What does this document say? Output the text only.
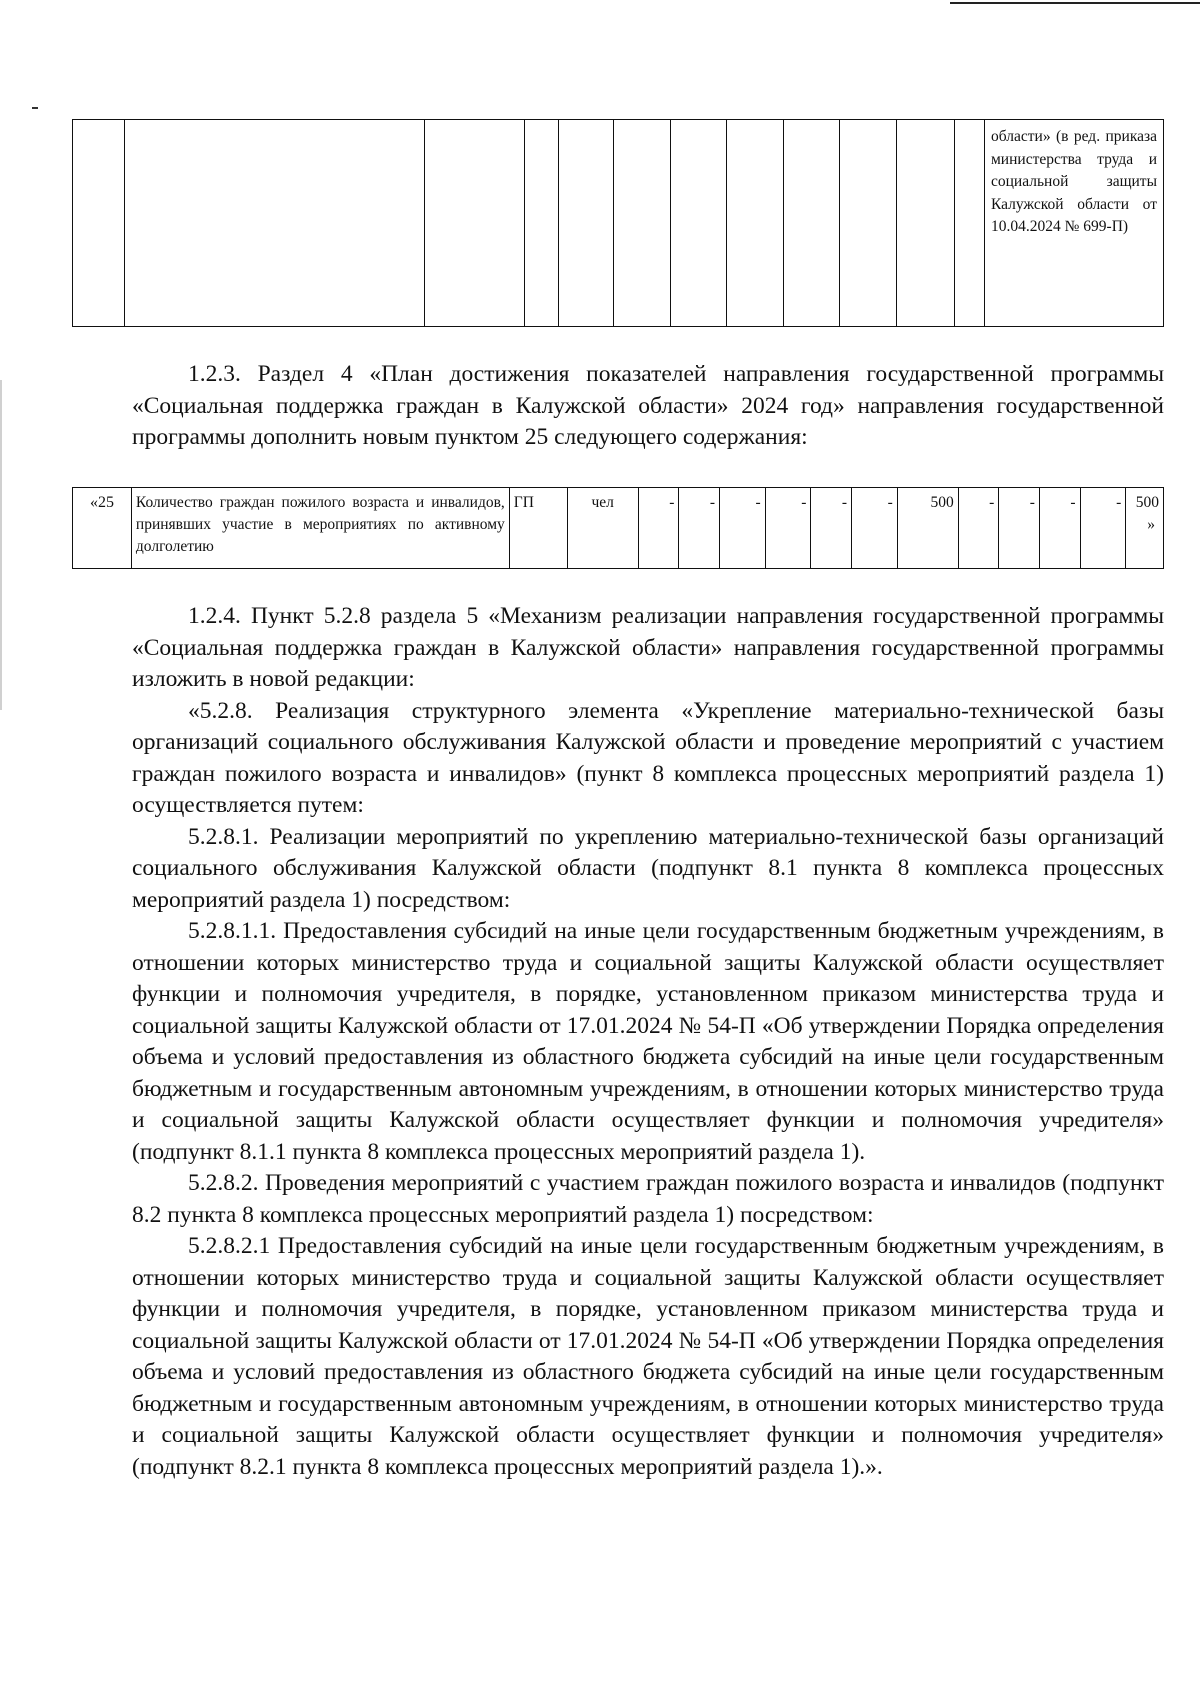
												области» (в ред. приказа министерства труда и социальной защиты Калужской области от 10.04.2024 № 699-П)

1.2.3. Раздел 4 «План достижения показателей направления государственной программы «Социальная поддержка граждан в Калужской области» 2024 год» направления государственной программы дополнить новым пунктом 25 следующего содержания:

«25	Количество граждан пожилого возраста и инвалидов, принявших участие в мероприятиях по активному долголетию	ГП	чел	-	-	-	-	-	-	500	-	-	-	-	500
»

1.2.4. Пункт 5.2.8 раздела 5 «Механизм реализации направления государственной программы «Социальная поддержка граждан в Калужской области» направления государственной программы изложить в новой редакции:

«5.2.8. Реализация структурного элемента «Укрепление материально-технической базы организаций социального обслуживания Калужской области и проведение мероприятий с участием граждан пожилого возраста и инвалидов» (пункт 8 комплекса процессных мероприятий раздела 1) осуществляется путем:

5.2.8.1. Реализации мероприятий по укреплению материально-технической базы организаций социального обслуживания Калужской области (подпункт 8.1 пункта 8 комплекса процессных мероприятий раздела 1) посредством:

5.2.8.1.1. Предоставления субсидий на иные цели государственным бюджетным учреждениям, в отношении которых министерство труда и социальной защиты Калужской области осуществляет функции и полномочия учредителя, в порядке, установленном приказом министерства труда и социальной защиты Калужской области от 17.01.2024 № 54-П «Об утверждении Порядка определения объема и условий предоставления из областного бюджета субсидий на иные цели государственным бюджетным и государственным автономным учреждениям, в отношении которых министерство труда и социальной защиты Калужской области осуществляет функции и полномочия учредителя» (подпункт 8.1.1 пункта 8 комплекса процессных мероприятий раздела 1).

5.2.8.2. Проведения мероприятий с участием граждан пожилого возраста и инвалидов (подпункт 8.2 пункта 8 комплекса процессных мероприятий раздела 1) посредством:

5.2.8.2.1 Предоставления субсидий на иные цели государственным бюджетным учреждениям, в отношении которых министерство труда и социальной защиты Калужской области осуществляет функции и полномочия учредителя, в порядке, установленном приказом министерства труда и социальной защиты Калужской области от 17.01.2024 № 54-П «Об утверждении Порядка определения объема и условий предоставления из областного бюджета субсидий на иные цели государственным бюджетным и государственным автономным учреждениям, в отношении которых министерство труда и социальной защиты Калужской области осуществляет функции и полномочия учредителя» (подпункт 8.2.1 пункта 8 комплекса процессных мероприятий раздела 1).».
